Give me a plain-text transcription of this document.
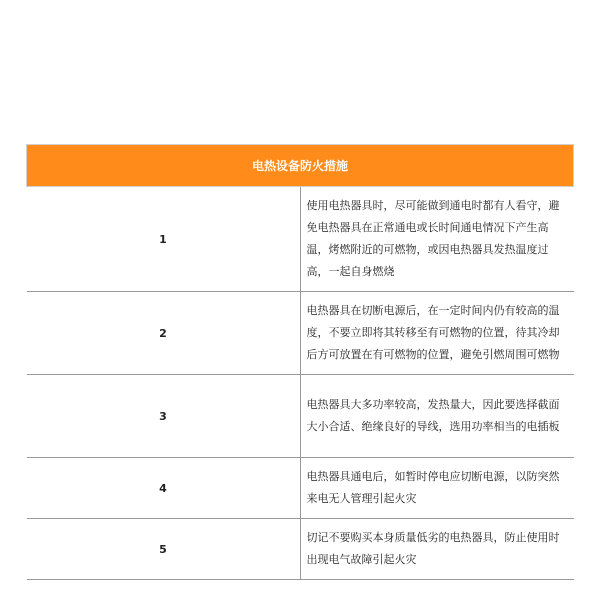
电热设备防火措施	
1	使用电热器具时，尽可能做到通电时都有人看守，避免电热器具在正常通电或长时间通电情况下产生高温，烤燃附近的可燃物，或因电热器具发热温度过高，一起自身燃烧
2	电热器具在切断电源后，在一定时间内仍有较高的温度，不要立即将其转移至有可燃物的位置，待其冷却后方可放置在有可燃物的位置，避免引燃周围可燃物
3	电热器具大多功率较高，发热量大，因此要选择截面大小合适、绝缘良好的导线，选用功率相当的电插板
4	电热器具通电后，如暂时停电应切断电源，以防突然来电无人管理引起火灾
5	切记不要购买本身质量低劣的电热器具，防止使用时出现电气故障引起火灾
